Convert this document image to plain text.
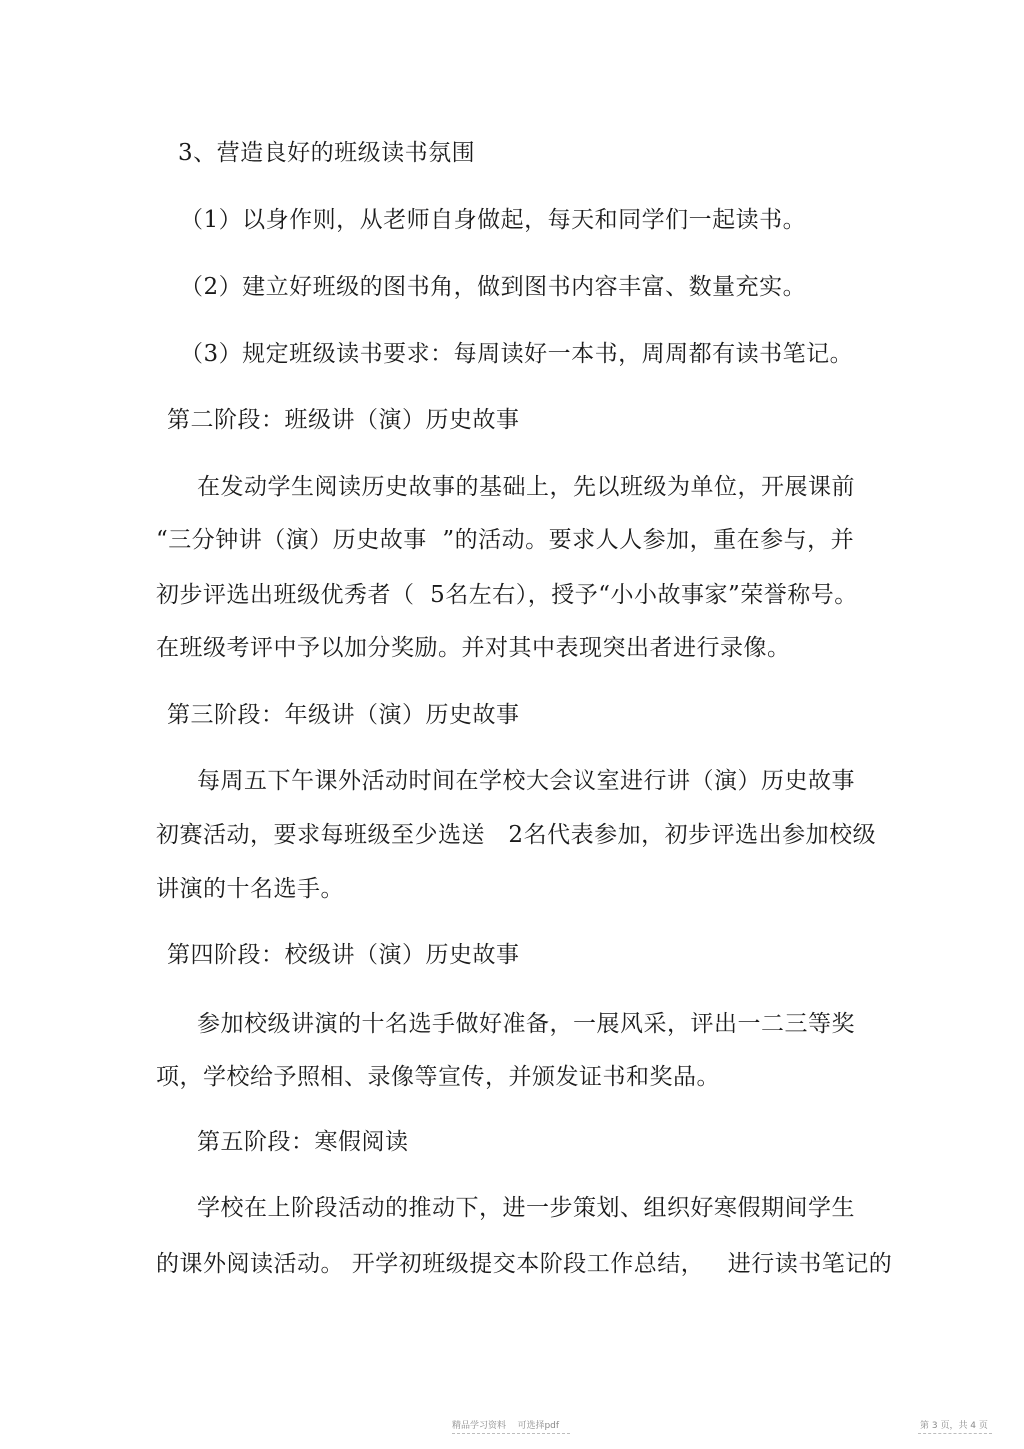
3、营造良好的班级读书氛围
（1）以身作则，从老师自身做起，每天和同学们一起读书。
（2）建立好班级的图书角，做到图书内容丰富、数量充实。
（3）规定班级读书要求：每周读好一本书，周周都有读书笔记。
第二阶段：班级讲（演）历史故事
在发动学生阅读历史故事的基础上，先以班级为单位，开展课前
“三分钟讲（演）历史故事  ”的活动。要求人人参加，重在参与，并
初步评选出班级优秀者（  5名左右），授予“小小故事家”荣誉称号。
在班级考评中予以加分奖励。并对其中表现突出者进行录像。
第三阶段：年级讲（演）历史故事
每周五下午课外活动时间在学校大会议室进行讲（演）历史故事
初赛活动，要求每班级至少选送   2名代表参加，初步评选出参加校级
讲演的十名选手。
第四阶段：校级讲（演）历史故事
参加校级讲演的十名选手做好准备，一展风采，评出一二三等奖
项，学校给予照相、录像等宣传，并颁发证书和奖品。
第五阶段：寒假阅读
学校在上阶段活动的推动下，进一步策划、组织好寒假期间学生
的课外阅读活动。 开学初班级提交本阶段工作总结，   进行读书笔记的
精品学习资料    可选择pdf	第 3 页，共 4 页
